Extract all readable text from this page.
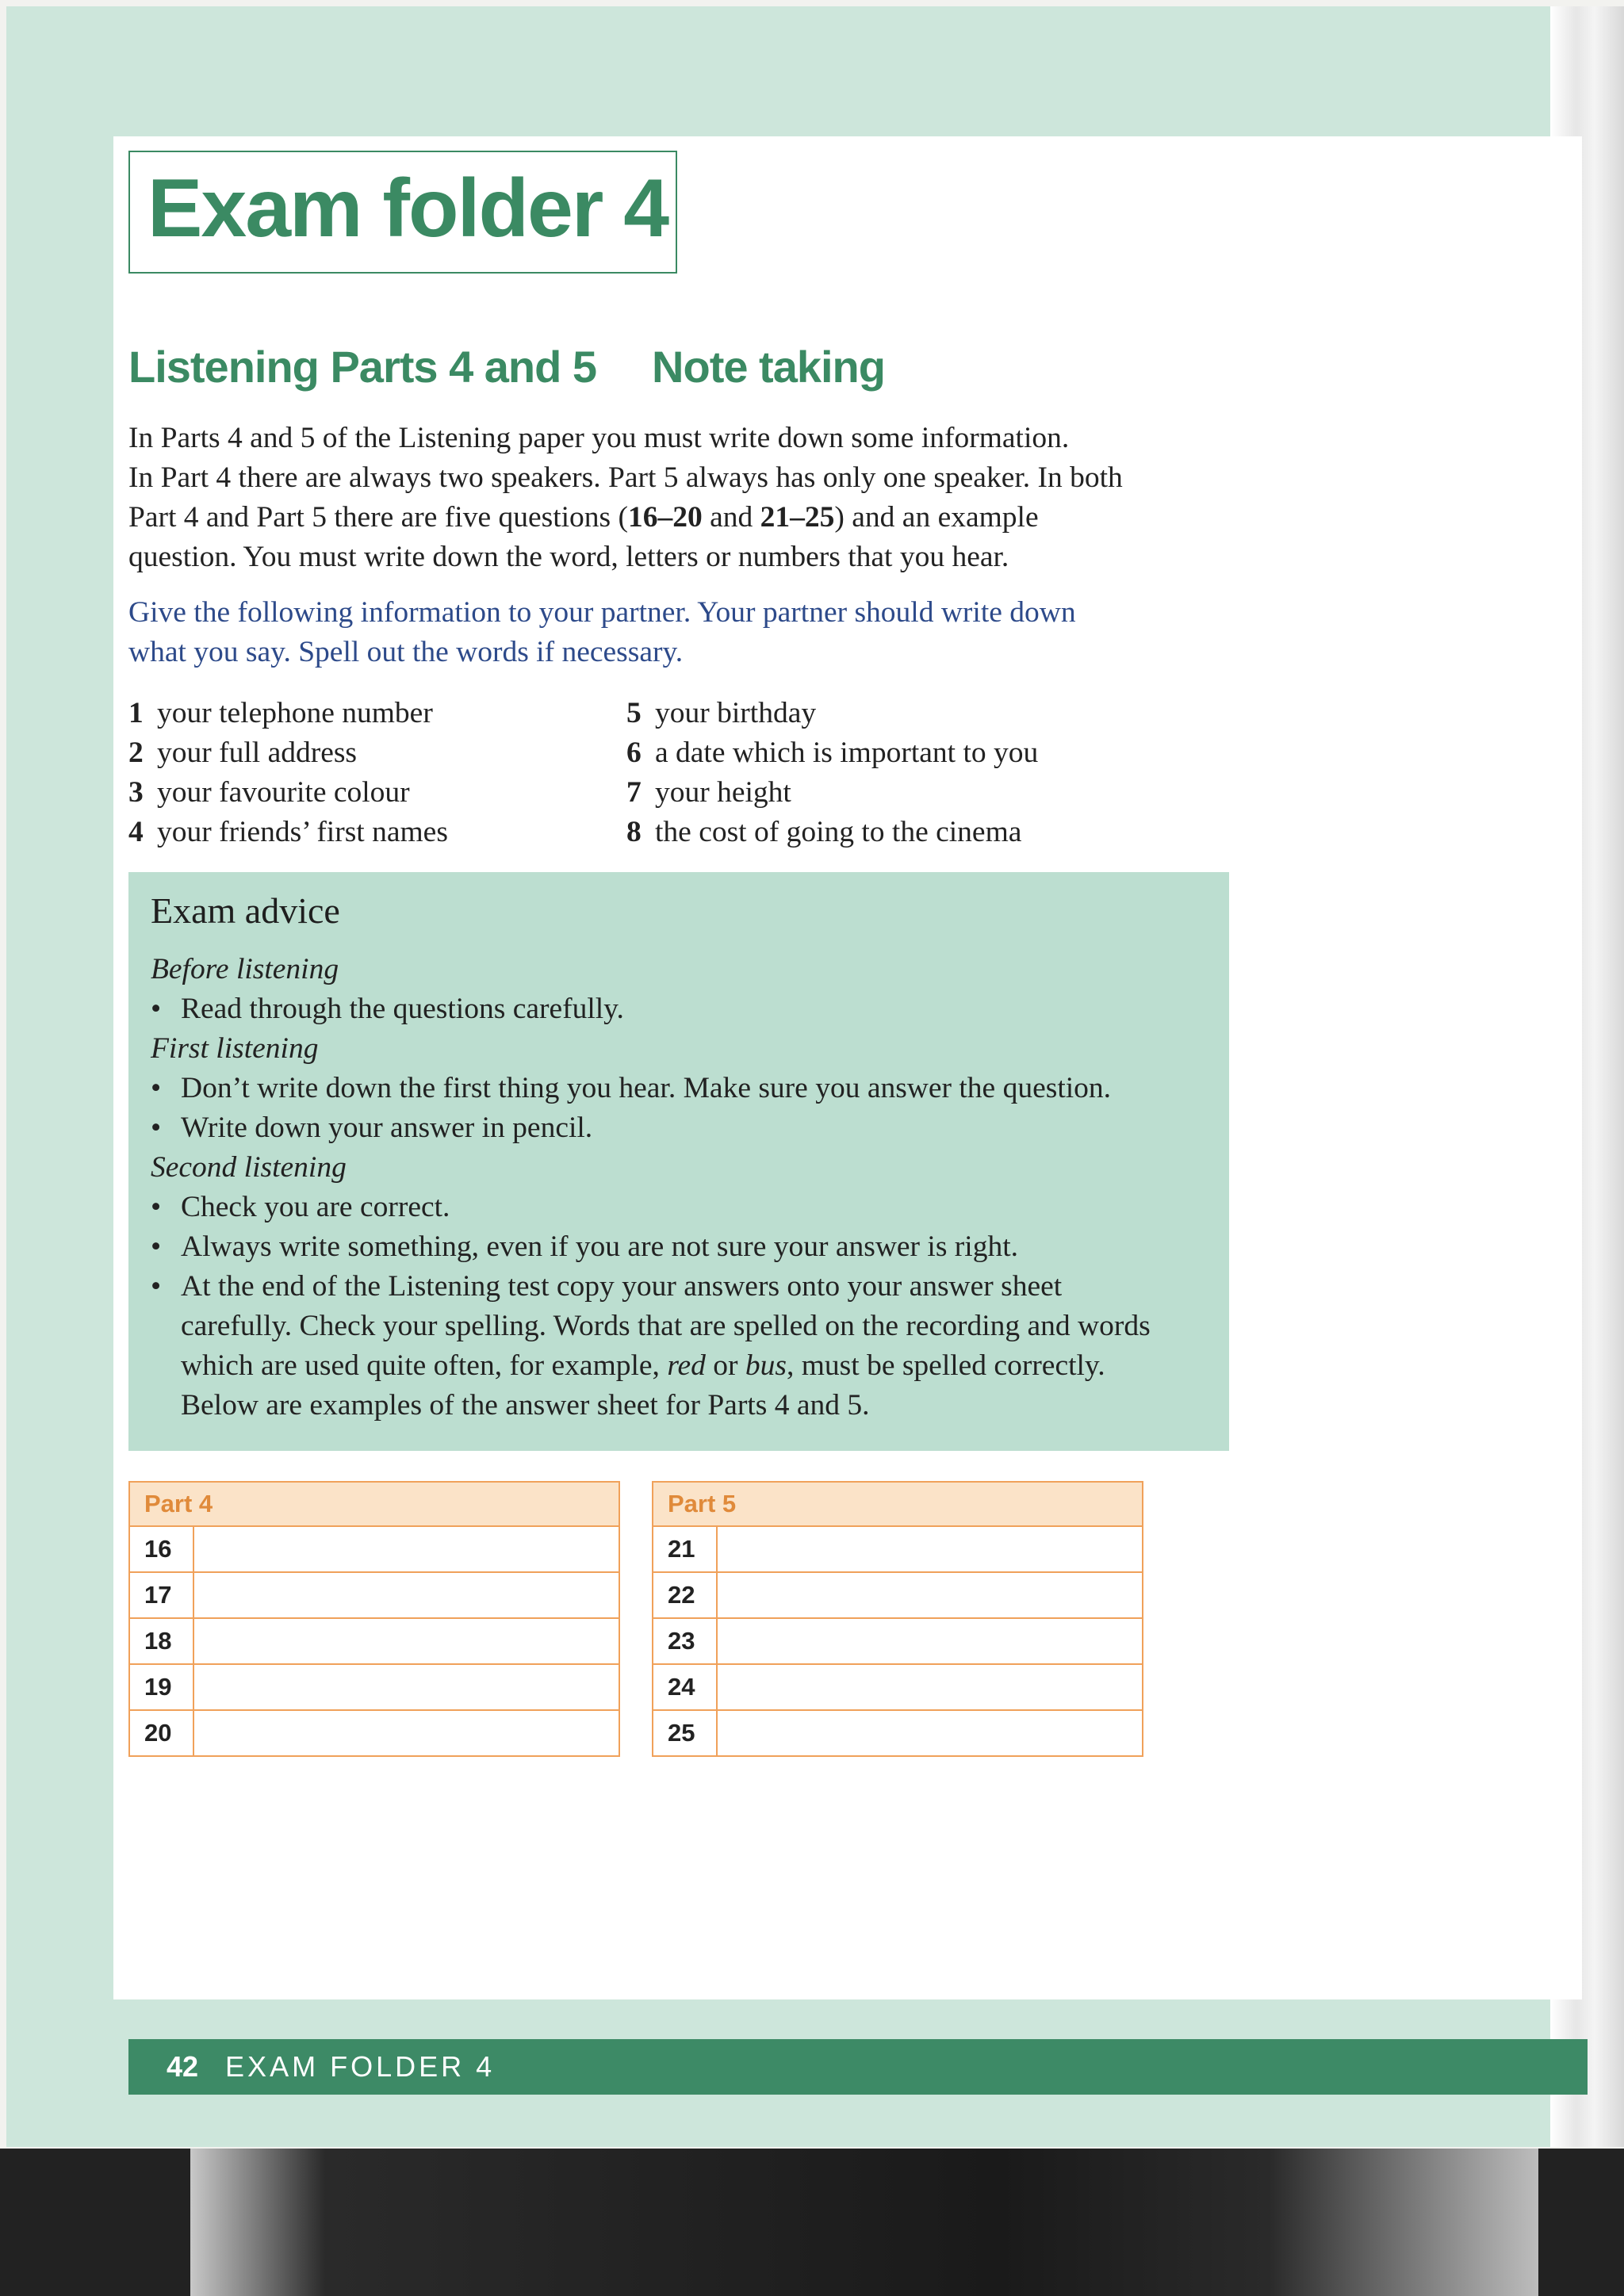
Exam folder 4
Listening Parts 4 and 5 Note taking
In Parts 4 and 5 of the Listening paper you must write down some information.
In Part 4 there are always two speakers. Part 5 always has only one speaker. In both
Part 4 and Part 5 there are five questions (16–20 and 21–25) and an example
question. You must write down the word, letters or numbers that you hear.
Give the following information to your partner. Your partner should write down
what you say. Spell out the words if necessary.
1 your telephone number
2 your full address
3 your favourite colour
4 your friends’ first names
5 your birthday
6 a date which is important to you
7 your height
8 the cost of going to the cinema
Exam advice
Before listening
• Read through the questions carefully.
First listening
• Don’t write down the first thing you hear. Make sure you answer the question.
• Write down your answer in pencil.
Second listening
• Check you are correct.
• Always write something, even if you are not sure your answer is right.
• At the end of the Listening test copy your answers onto your answer sheet
carefully. Check your spelling. Words that are spelled on the recording and words
which are used quite often, for example, red or bus, must be spelled correctly.
Below are examples of the answer sheet for Parts 4 and 5.
Part 4	
16	
17	
18	
19	
20	
Part 5	
21	
22	
23	
24	
25	
42 EXAM FOLDER 4
